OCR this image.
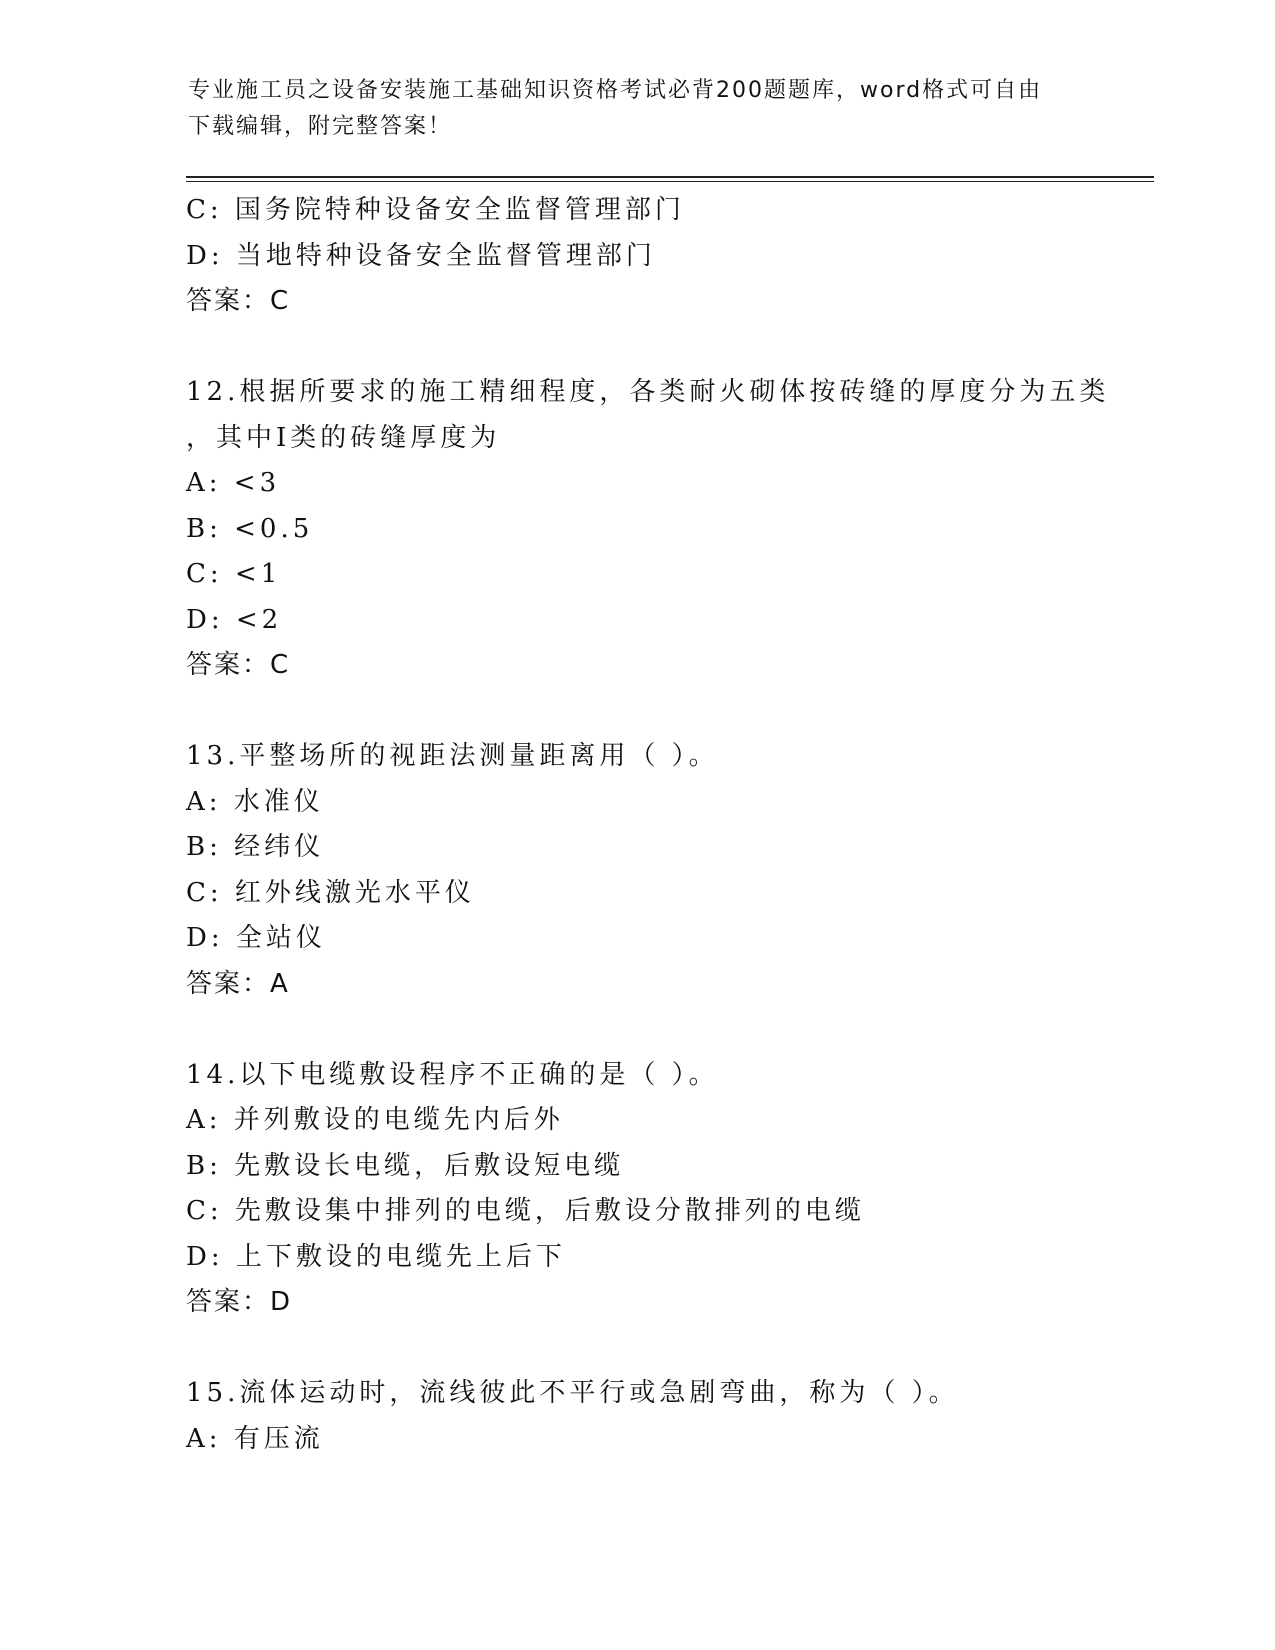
专业施工员之设备安装施工基础知识资格考试必背200题题库，word格式可自由

下载编辑，附完整答案！

C: 国务院特种设备安全监督管理部门

D: 当地特种设备安全监督管理部门

答案：C

12.根据所要求的施工精细程度，各类耐火砌体按砖缝的厚度分为五类

，其中Ⅰ类的砖缝厚度为

A: <3

B: <0.5

C: <1

D: <2

答案：C

13.平整场所的视距法测量距离用（ ）。

A: 水准仪

B: 经纬仪

C: 红外线激光水平仪

D: 全站仪

答案：A

14.以下电缆敷设程序不正确的是（ ）。

A: 并列敷设的电缆先内后外

B: 先敷设长电缆，后敷设短电缆

C: 先敷设集中排列的电缆，后敷设分散排列的电缆

D: 上下敷设的电缆先上后下

答案：D

15.流体运动时，流线彼此不平行或急剧弯曲，称为（ ）。

A: 有压流
